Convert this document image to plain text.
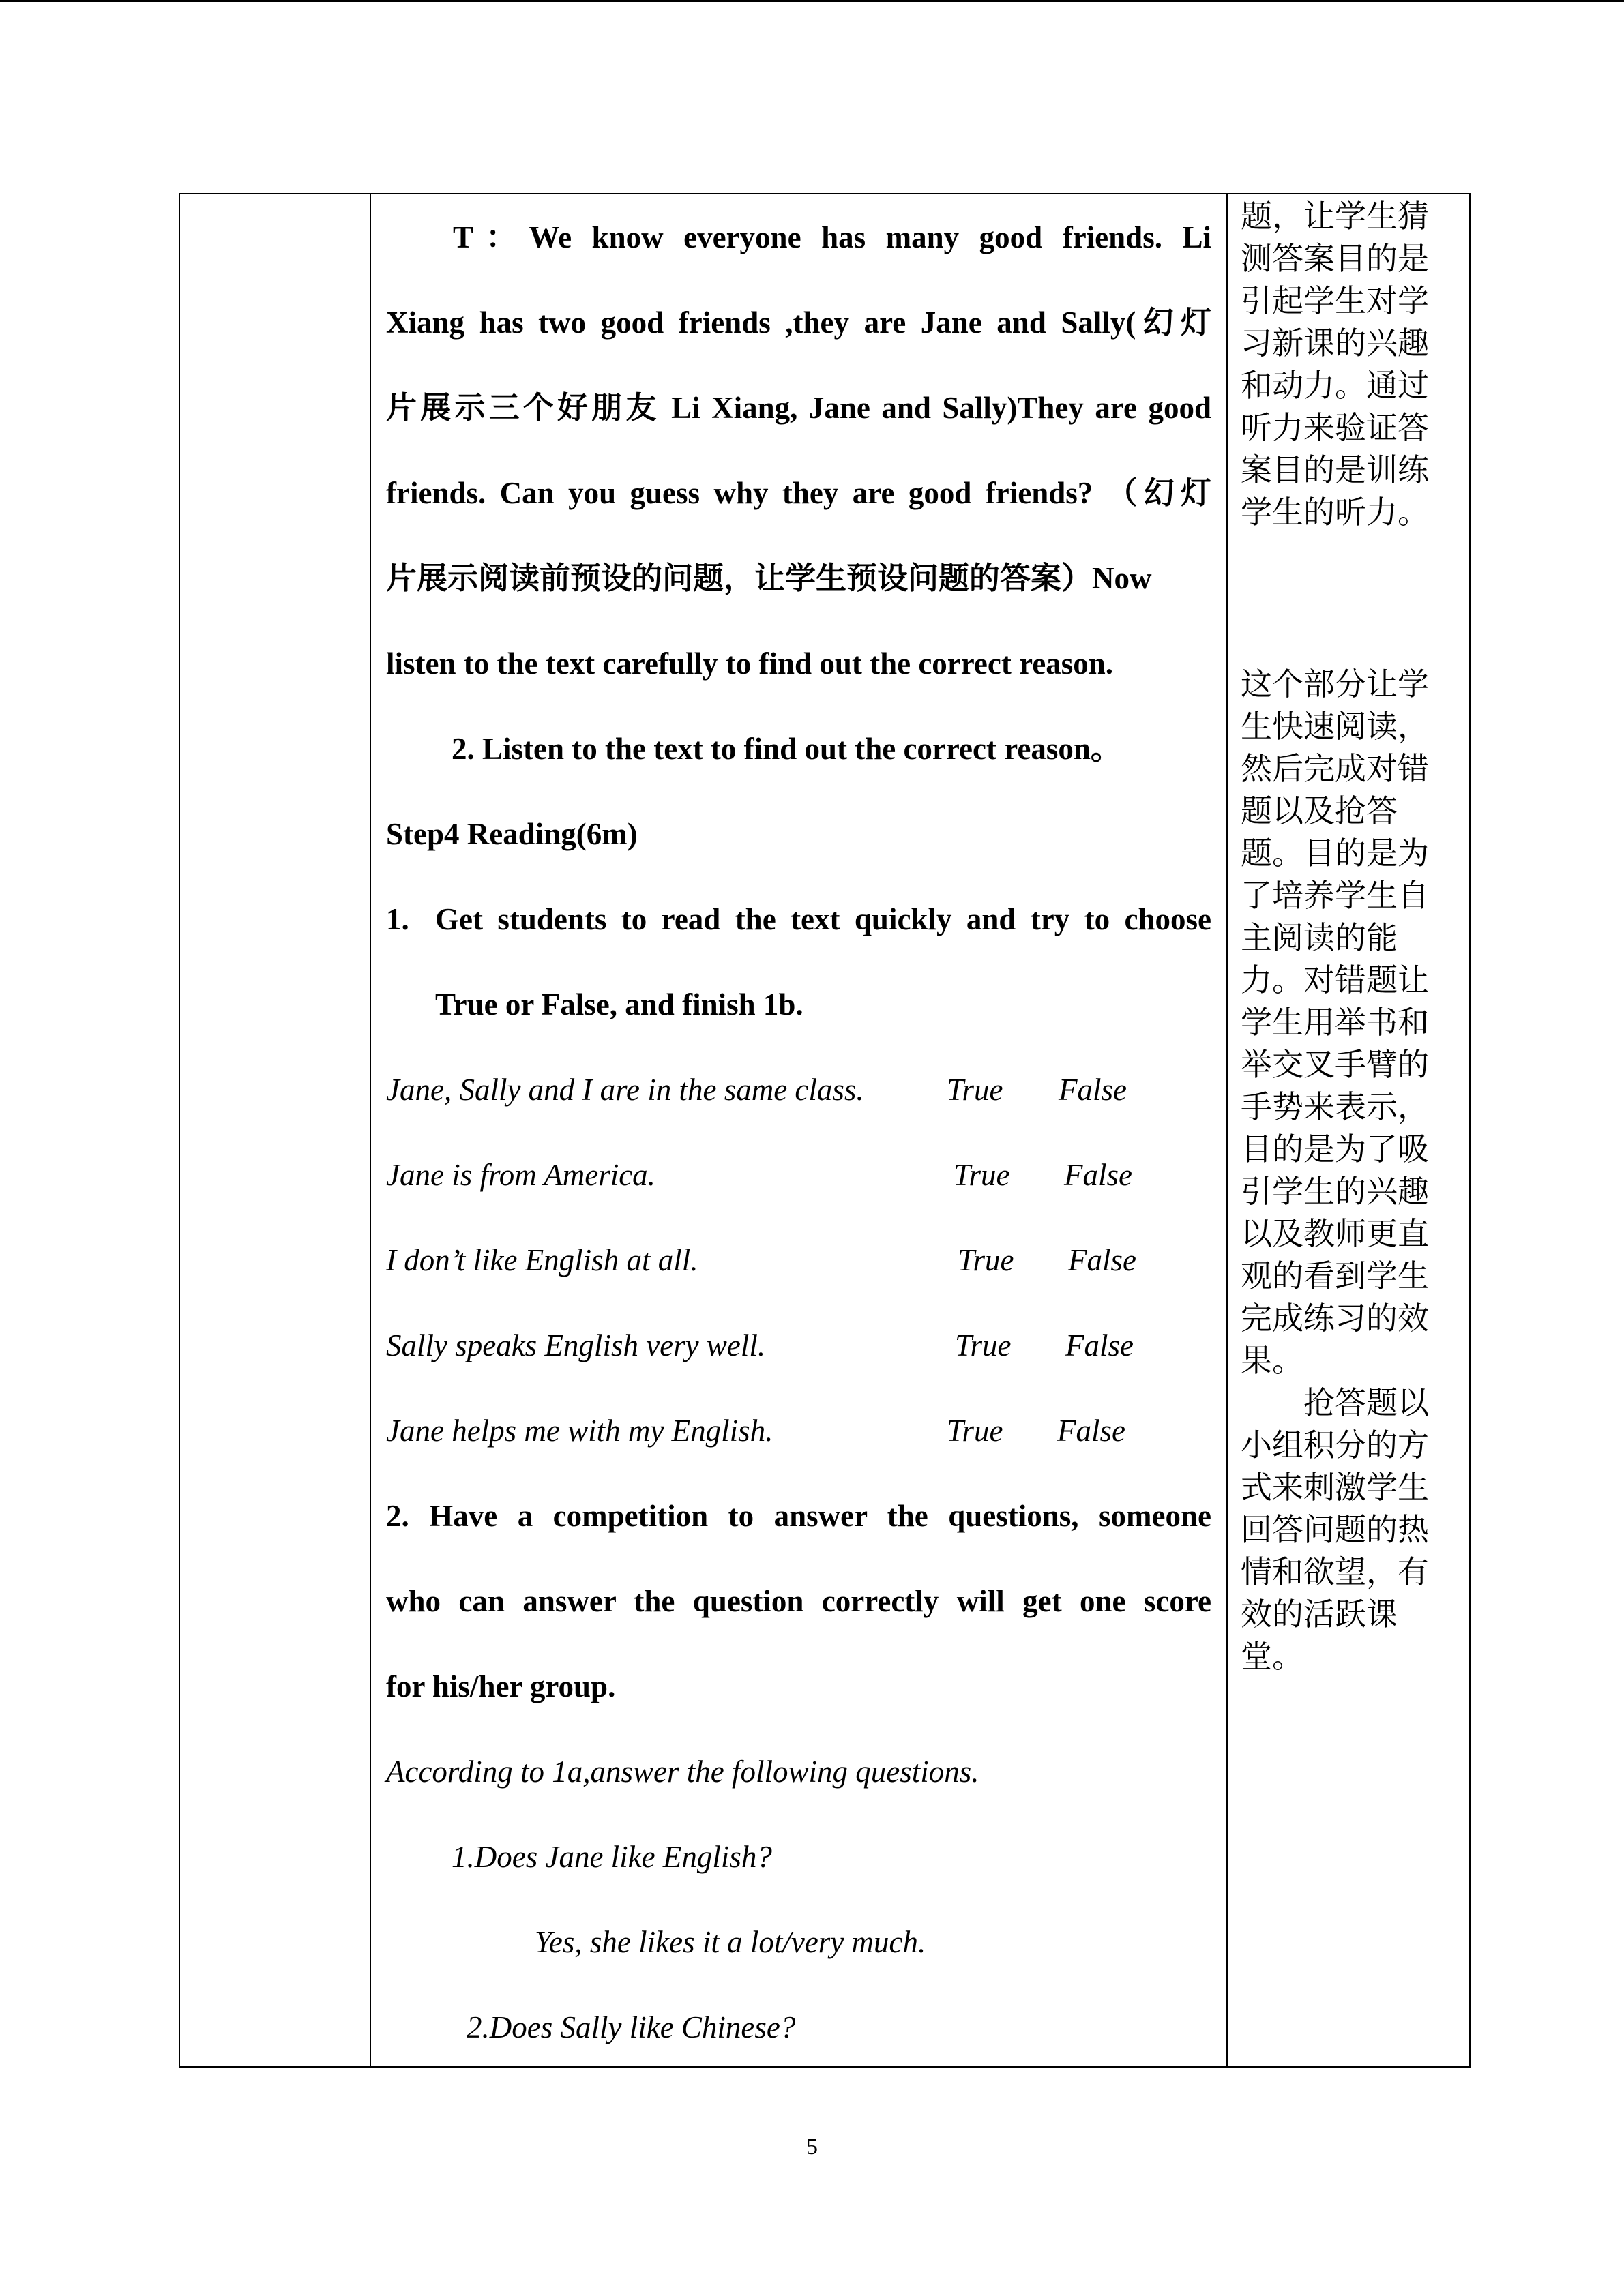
T：We know everyone has many good friends. Li
Xiang has two good friends ,they are Jane and Sally(幻灯
片展示三个好朋友 Li Xiang, Jane and Sally)They are good
friends. Can you guess why they are good friends? （幻灯
片展示阅读前预设的问题，让学生预设问题的答案）Now
listen to the text carefully to find out the correct reason.
2. Listen to the text to find out the correct reason。
Step4 Reading(6m)
1. Get students to read the text quickly and try to choose
True or False, and finish 1b.
Jane, Sally and I are in the same class.	True False
Jane is from America.	True False
I don’t like English at all.	True False
Sally speaks English very well.	True False
Jane helps me with my English.	True False
2. Have a competition to answer the questions, someone
who can answer the question correctly will get one score
for his/her group.
According to 1a,answer the following questions.
1.Does Jane like English?
Yes, she likes it a lot/very much.
2.Does Sally like Chinese?
题，让学生猜
测答案目的是
引起学生对学
习新课的兴趣
和动力。通过
听力来验证答
案目的是训练
学生的听力。
这个部分让学
生快速阅读，
然后完成对错
题以及抢答
题。目的是为
了培养学生自
主阅读的能
力。对错题让
学生用举书和
举交叉手臂的
手势来表示，
目的是为了吸
引学生的兴趣
以及教师更直
观的看到学生
完成练习的效
果。
抢答题以
小组积分的方
式来刺激学生
回答问题的热
情和欲望，有
效的活跃课
堂。
5
